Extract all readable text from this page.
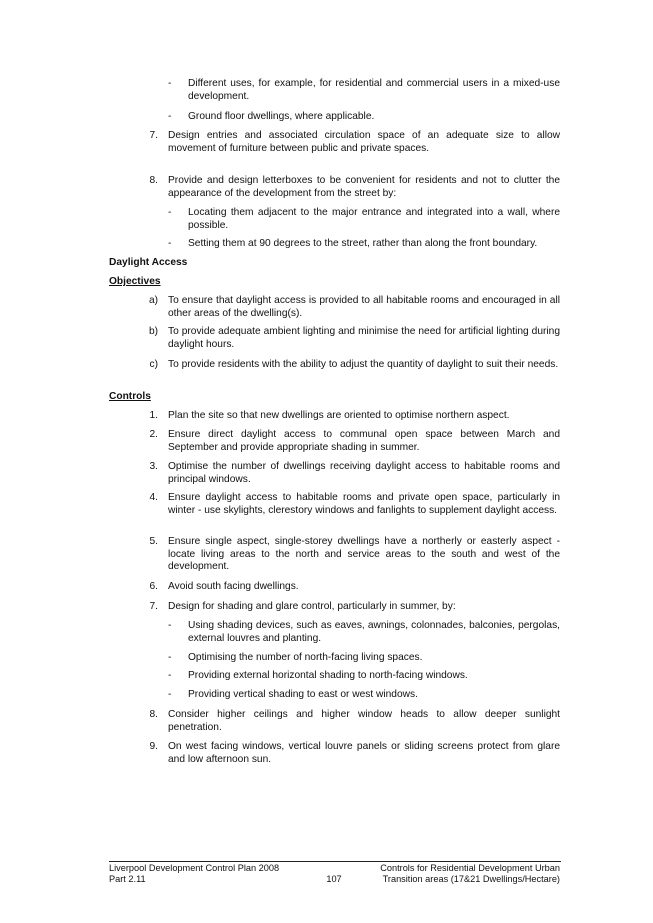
-	Different uses, for example, for residential and commercial users in a mixed-use development.
-	Ground floor dwellings, where applicable.
7. Design entries and associated circulation space of an adequate size to allow movement of furniture between public and private spaces.
8. Provide and design letterboxes to be convenient for residents and not to clutter the appearance of the development from the street by:
-	Locating them adjacent to the major entrance and integrated into a wall, where possible.
-	Setting them at 90 degrees to the street, rather than along the front boundary.
Daylight Access
Objectives
a) To ensure that daylight access is provided to all habitable rooms and encouraged in all other areas of the dwelling(s).
b) To provide adequate ambient lighting and minimise the need for artificial lighting during daylight hours.
c) To provide residents with the ability to adjust the quantity of daylight to suit their needs.
Controls
1. Plan the site so that new dwellings are oriented to optimise northern aspect.
2. Ensure direct daylight access to communal open space between March and September and provide appropriate shading in summer.
3. Optimise the number of dwellings receiving daylight access to habitable rooms and principal windows.
4. Ensure daylight access to habitable rooms and private open space, particularly in winter - use skylights, clerestory windows and fanlights to supplement daylight access.
5. Ensure single aspect, single-storey dwellings have a northerly or easterly aspect - locate living areas to the north and service areas to the south and west of the development.
6. Avoid south facing dwellings.
7. Design for shading and glare control, particularly in summer, by:
-	Using shading devices, such as eaves, awnings, colonnades, balconies, pergolas, external louvres and planting.
-	Optimising the number of north-facing living spaces.
-	Providing external horizontal shading to north-facing windows.
-	Providing vertical shading to east or west windows.
8. Consider higher ceilings and higher window heads to allow deeper sunlight penetration.
9. On west facing windows, vertical louvre panels or sliding screens protect from glare and low afternoon sun.
Liverpool Development Control Plan 2008
Part 2.11	107
Controls for Residential Development Urban
Transition areas (17&21 Dwellings/Hectare)
